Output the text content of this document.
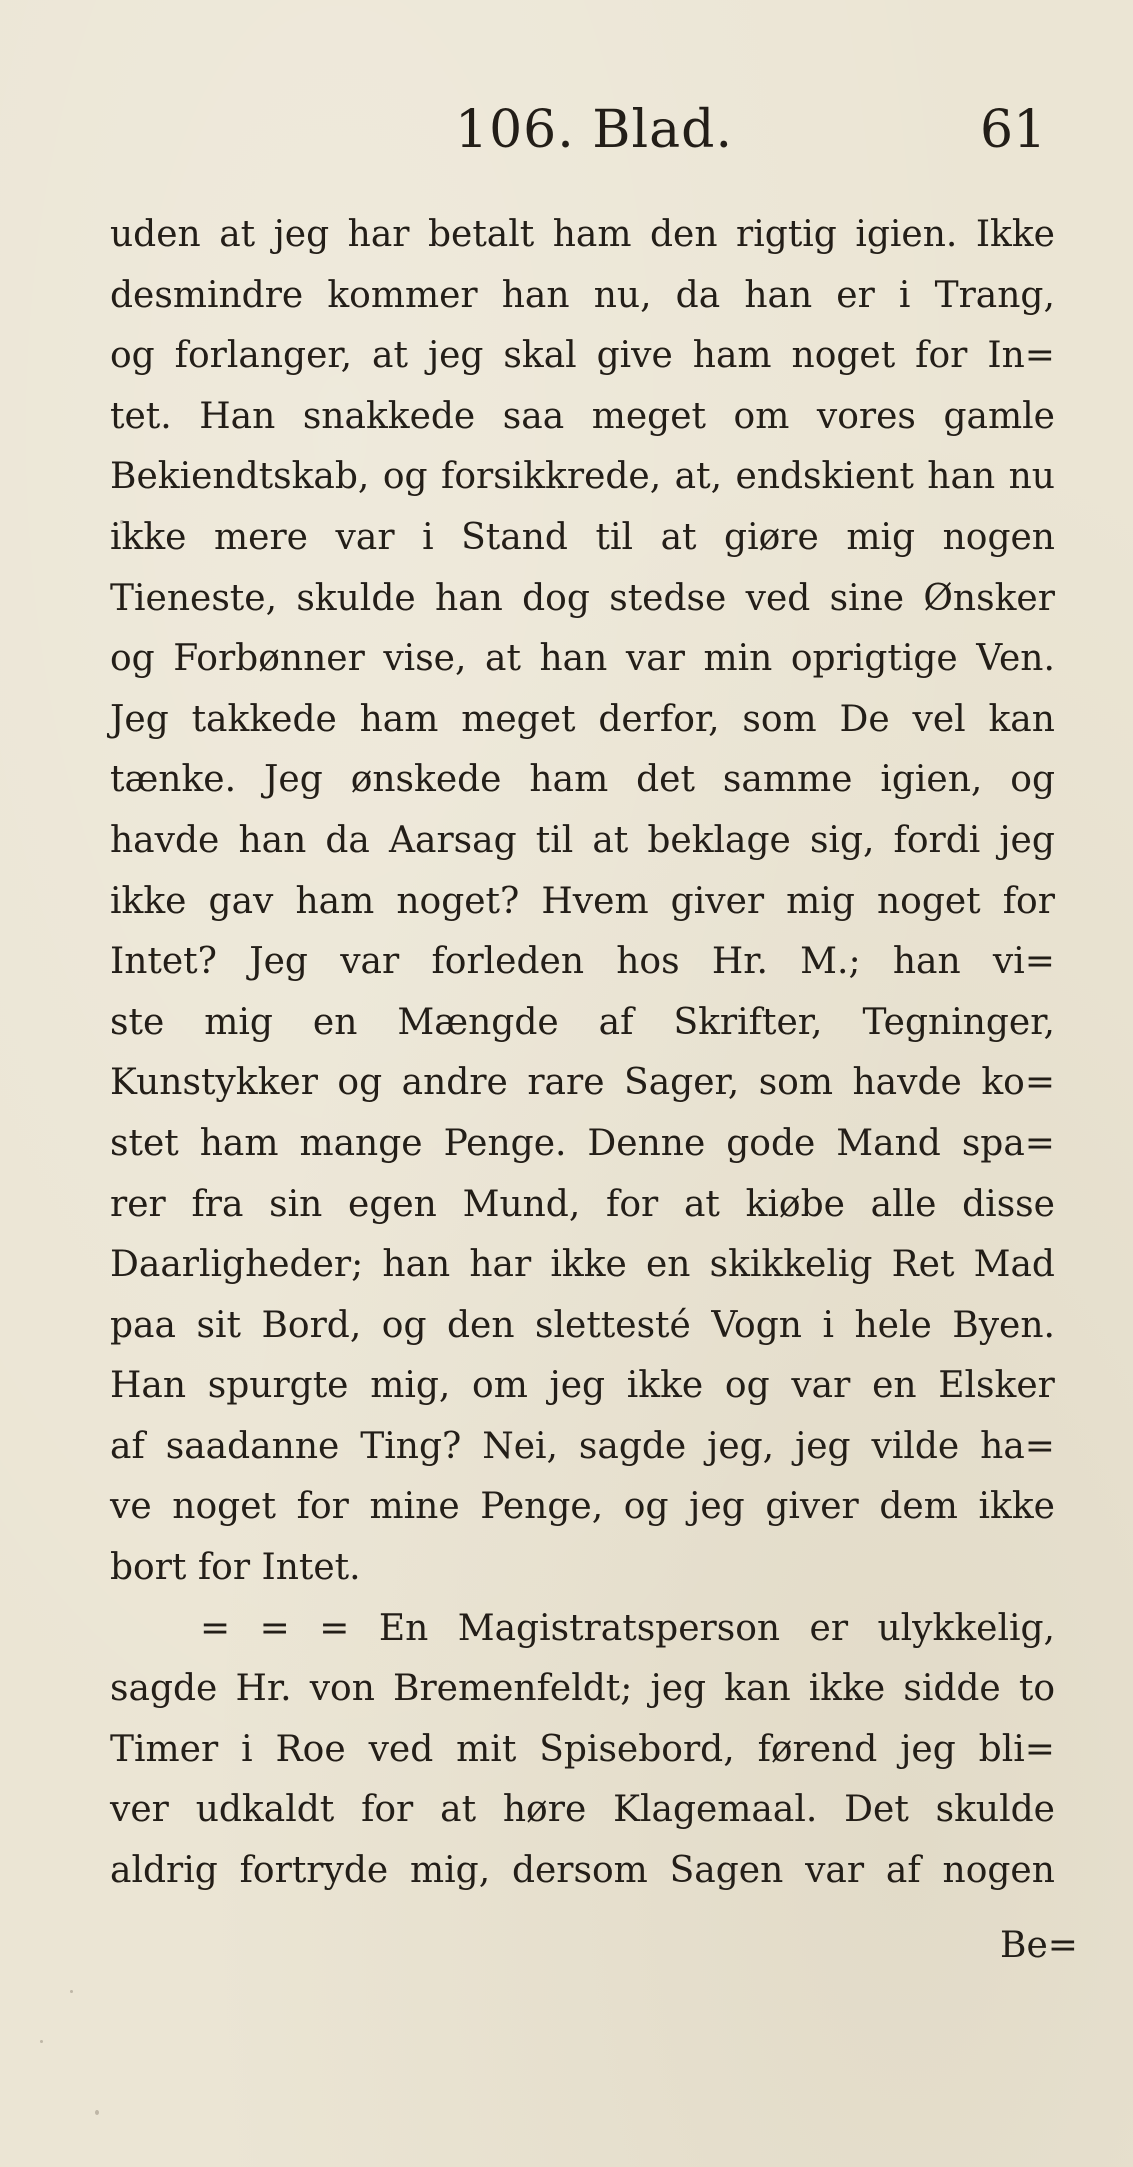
106. Blad.	61
uden at jeg har betalt ham den rigtig igien. Ikke
desmindre kommer han nu, da han er i Trang,
og forlanger, at jeg skal give ham noget for In=
tet. Han snakkede saa meget om vores gamle
Bekiendtskab, og forsikkrede, at, endskient han nu
ikke mere var i Stand til at giøre mig nogen
Tieneste, skulde han dog stedse ved sine Ønsker
og Forbønner vise, at han var min oprigtige Ven.
Jeg takkede ham meget derfor, som De vel kan
tænke. Jeg ønskede ham det samme igien, og
havde han da Aarsag til at beklage sig, fordi jeg
ikke gav ham noget? Hvem giver mig noget for
Intet? Jeg var forleden hos Hr. M.; han vi=
ste mig en Mængde af Skrifter, Tegninger,
Kunstykker og andre rare Sager, som havde ko=
stet ham mange Penge. Denne gode Mand spa=
rer fra sin egen Mund, for at kiøbe alle disse
Daarligheder; han har ikke en skikkelig Ret Mad
paa sit Bord, og den slettesté Vogn i hele Byen.
Han spurgte mig, om jeg ikke og var en Elsker
af saadanne Ting? Nei, sagde jeg, jeg vilde ha=
ve noget for mine Penge, og jeg giver dem ikke
bort for Intet.
= = = En Magistratsperson er ulykkelig,
sagde Hr. von Bremenfeldt; jeg kan ikke sidde to
Timer i Roe ved mit Spisebord, førend jeg bli=
ver udkaldt for at høre Klagemaal. Det skulde
aldrig fortryde mig, dersom Sagen var af nogen
Be=
